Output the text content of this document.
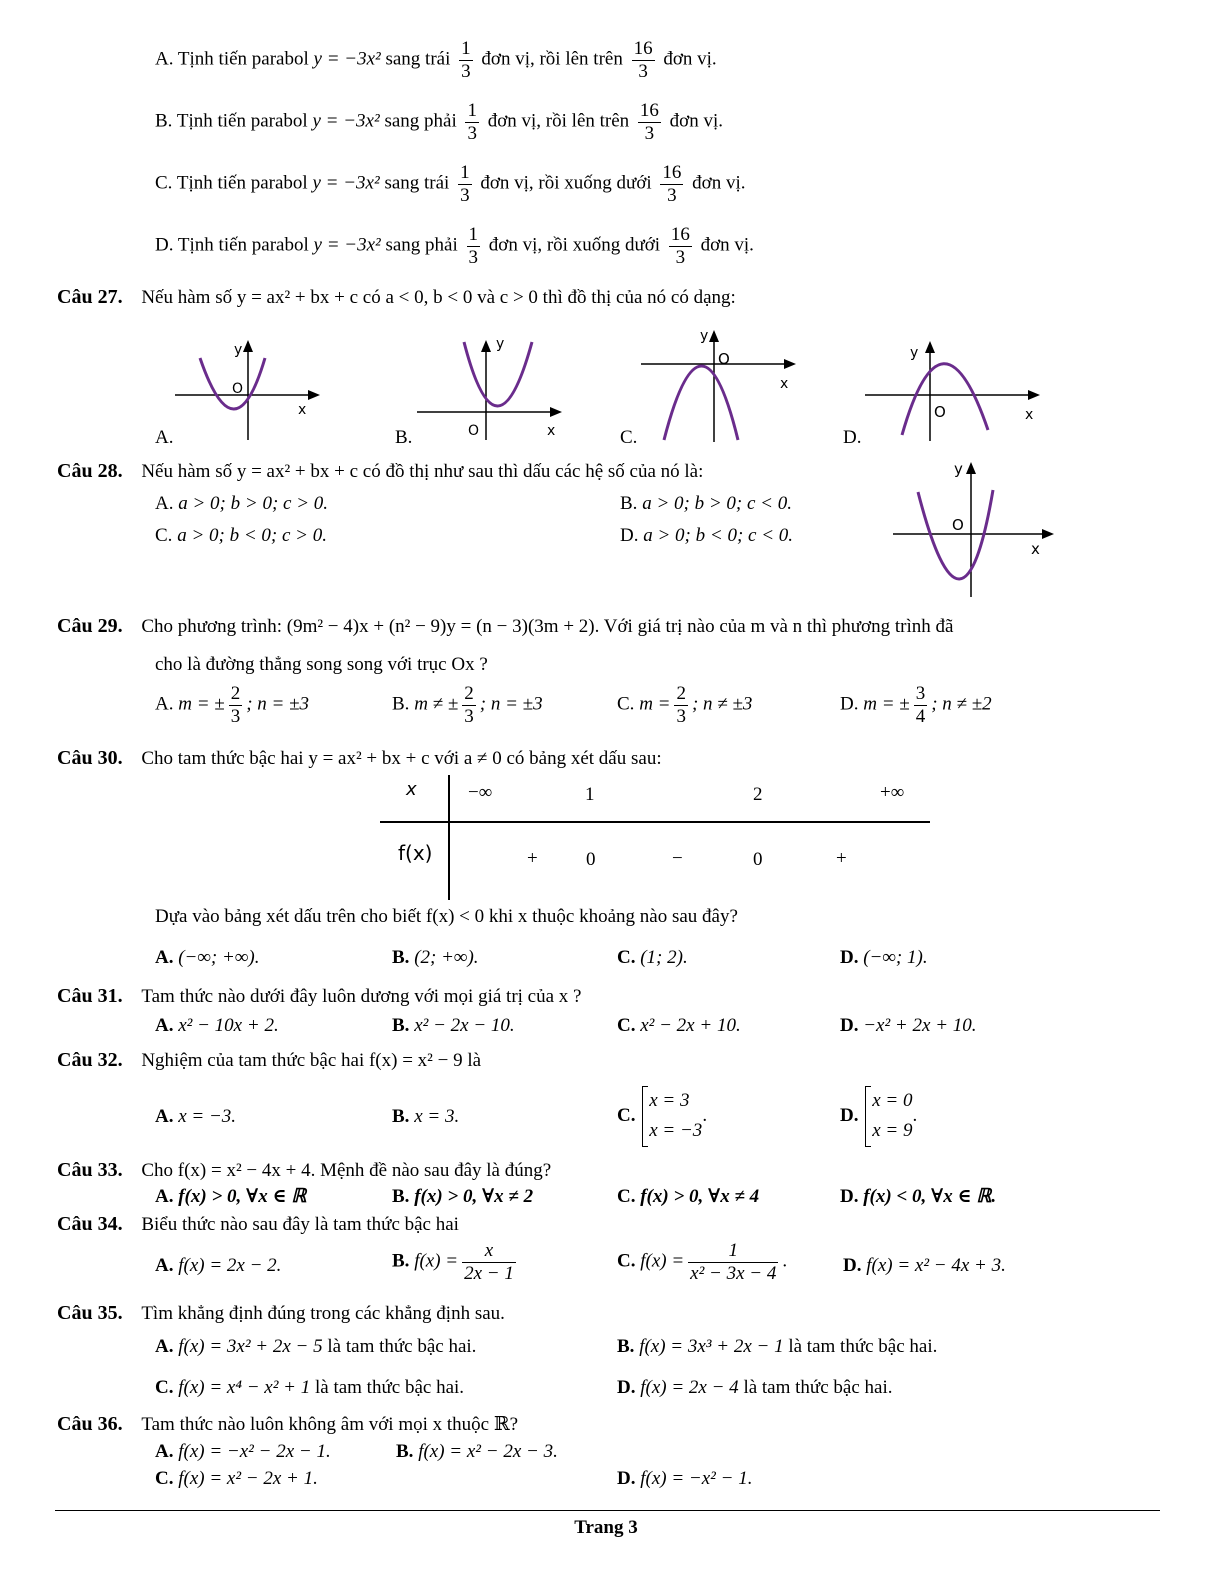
A. Tịnh tiến parabol y = −3x² sang trái $\frac{1}{3}$ đơn vị, rồi lên trên $\frac{16}{3}$ đơn vị.
B. Tịnh tiến parabol y = −3x² sang phải $\frac{1}{3}$ đơn vị, rồi lên trên $\frac{16}{3}$ đơn vị.
C. Tịnh tiến parabol y = −3x² sang trái $\frac{1}{3}$ đơn vị, rồi xuống dưới $\frac{16}{3}$ đơn vị.
D. Tịnh tiến parabol y = −3x² sang phải $\frac{1}{3}$ đơn vị, rồi xuống dưới $\frac{16}{3}$ đơn vị.
Câu 27. Nếu hàm số y = ax² + bx + c có a < 0, b < 0 và c > 0 thì đồ thị của nó có dạng:
A.
y
O
x
B.
y
O	x	C.
y
O
x
D.
y
O	x
Câu 28. Nếu hàm số y = ax² + bx + c có đồ thị như sau thì dấu các hệ số của nó là:
A. a > 0; b > 0; c > 0.	B. a > 0; b > 0; c < 0.
C. a > 0; b < 0; c > 0.	D. a > 0; b < 0; c < 0.
y
O
x
Câu 29. Cho phương trình: (9m² − 4)x + (n² − 9)y = (n − 3)(3m + 2). Với giá trị nào của m và n thì phương trình đã
cho là đường thẳng song song với trục Ox ?
A. m = ± $\frac{2}{3}$ ; n = ±3	B. m ≠ ± $\frac{2}{3}$ ; n = ±3	C. $m = \frac{2}{3}$ ; n ≠ ±3	D. m = ± $\frac{3}{4}$ ; n ≠ ±2
Câu 30. Cho tam thức bậc hai y = ax² + bx + c với a ≠ 0 có bảng xét dấu sau:
x
f(x)
−∞	1	2	+∞
+	0	−	0	+
Dựa vào bảng xét dấu trên cho biết f(x) < 0 khi x thuộc khoảng nào sau đây?
A. (−∞; +∞).	B. (2; +∞).	C. (1; 2).	D. (−∞; 1).
Câu 31. Tam thức nào dưới đây luôn dương với mọi giá trị của x ?
A. x² − 10x + 2.	B. x² − 2x − 10.	C. x² − 2x + 10.	D. −x² + 2x + 10.
Câu 32. Nghiệm của tam thức bậc hai f(x) = x² − 9 là
A. x = −3.	B. x = 3.	C.
x = 3
x = −3
.	D.
x = 0
x = 9
.
Câu 33. Cho f(x) = x² − 4x + 4. Mệnh đề nào sau đây là đúng?
A. f(x) > 0, ∀x ∈ ℝ	B. f(x) > 0, ∀x ≠ 2	C. f(x) > 0, ∀x ≠ 4	D. f(x) < 0, ∀x ∈ ℝ.
Câu 34. Biểu thức nào sau đây là tam thức bậc hai
A. f(x) = 2x − 2.	B. $f(x) = \frac{x}{2x - 1}$	C. $f(x) = \frac{1}{\text{x² − 3x − 4}}$ .	D. f(x) = x² − 4x + 3.
Câu 35. Tìm khẳng định đúng trong các khẳng định sau.
A. f(x) = 3x² + 2x − 5 là tam thức bậc hai.	B. f(x) = 3x³ + 2x − 1 là tam thức bậc hai.
C. f(x) = x⁴ − x² + 1 là tam thức bậc hai.	D. f(x) = 2x − 4 là tam thức bậc hai.
Câu 36. Tam thức nào luôn không âm với mọi x thuộc ℝ?
A. f(x) = −x² − 2x − 1.	B. f(x) = x² − 2x − 3.
C. f(x) = x² − 2x + 1.	D. f(x) = −x² − 1.
Trang 3
